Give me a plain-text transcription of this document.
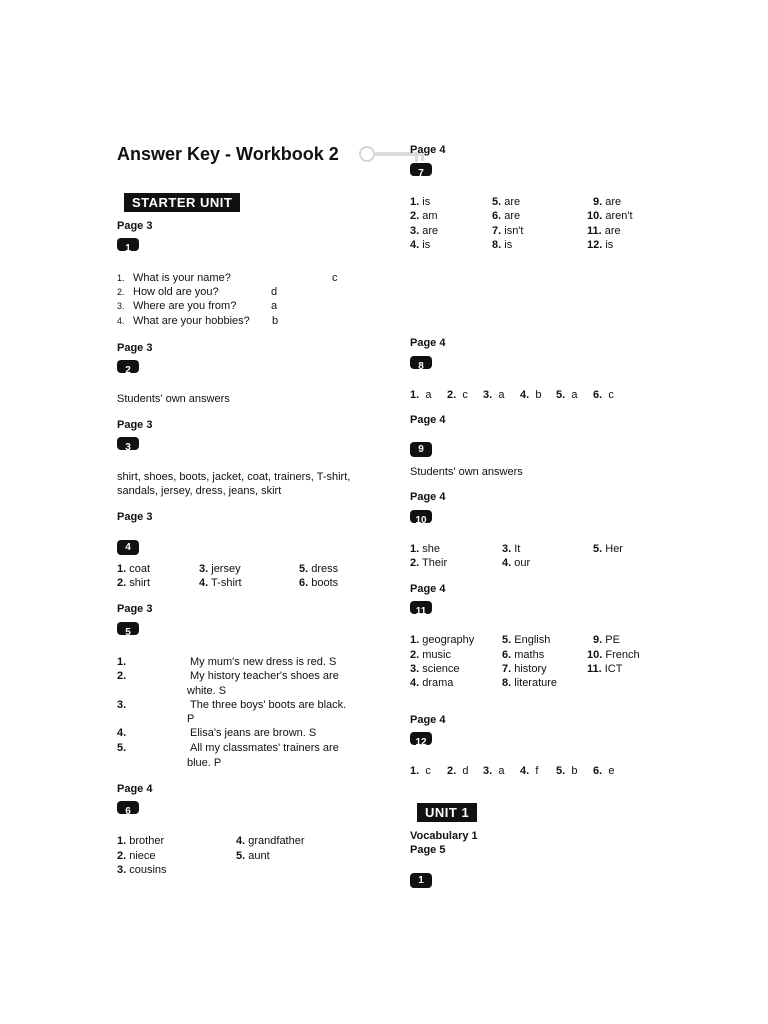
Answer Key - Workbook 2
STARTER UNIT
Page 3
1
1. What is your name?	c
2. How old are you?	d
3. Where are you from?	a
4. What are your hobbies? b
Page 3
2
Students' own answers
Page 3
3
shirt, shoes, boots, jacket, coat, trainers, T-shirt,
sandals, jersey, dress, jeans, skirt
Page 3
4
1. coat	3. jersey	5. dress
2. shirt	4. T-shirt	6. boots
Page 3
5
1.	My mum's new dress is red. S
2.	My history teacher's shoes are
white. S
3.	The three boys' boots are black.
P
4.	Elisa's jeans are brown. S
5.	All my classmates' trainers are
blue. P
Page 4
6
1. brother	4. grandfather
2. niece	5. aunt
3. cousins
Page 4
7
1. is	5. are	9. are
2. am	6. are	10. aren't
3. are	7. isn't	11. are
4. is	8. is	12. is
Page 4
8
1. a 2. c 3. a 4. b 5. a 6. c
Page 4
9
Students' own answers
Page 4
10
1. she	3. It	5. Her
2. Their	4. our
Page 4
11
1. geography	5. English	9. PE
2. music	6. maths	10. French
3. science	7. history	11. ICT
4. drama	8. literature
Page 4
12
1. c 2. d 3. a 4. f 5. b 6. e
UNIT 1
Vocabulary 1
Page 5
1
